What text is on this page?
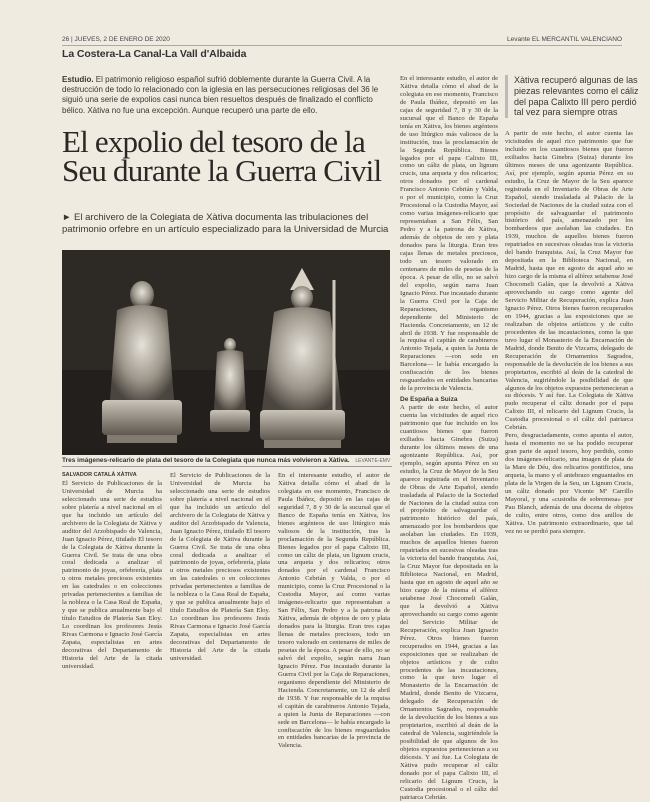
26 | JUEVES, 2 DE ENERO DE 2020	Levante EL MERCANTIL VALENCIANO
La Costera-La Canal-La Vall d'Albaida
Estudio. El patrimonio religioso español sufrió doblemente durante la Guerra Civil. A la destrucción de todo lo relacionado con la iglesia en las persecuciones religiosas del 36 le siguió una serie de expolios casi nunca bien resueltos después de finalizado el conflicto bélico. Xàtiva no fue una excepción. Aunque recuperó una parte de ello.
El expolio del tesoro de la Seu durante la Guerra Civil
► El archivero de la Colegiata de Xàtiva documenta las tribulaciones del patrimonio orfebre en un artículo especializado para la Universidad de Murcia
Tres imágenes-relicario de plata del tesoro de la Colegiata que nunca más volvieron a Xàtiva. LEVANTE-EMV
SALVADOR CATALÀ XÀTIVA
El Servicio de Publicaciones de la Universidad de Murcia ha seleccionado una serie de estudios sobre platería a nivel nacional en el que ha incluido un artículo del archivero de la Colegiata de Xàtiva y auditor del Arzobispado de Valencia, Juan Ignacio Pérez, titulado El tesoro de la Colegiata de Xàtiva durante la Guerra Civil. Se trata de una obra coral dedicada a analizar el patrimonio de joyas, orfebrería, plata u otros metales preciosos existentes en las catedrales o en colecciones privadas pertenecientes a familias de la nobleza o la Casa Real de España, y que se publica anualmente bajo el título Estudios de Platería San Eloy. Lo coordinan los profesores Jesús Rivas Carmona e Ignacio José García Zapata, especialistas en artes decorativas del Departamento de Historia del Arte de la citada universidad.
El Servicio de Publicaciones de la Universidad de Murcia ha seleccionado una serie de estudios sobre platería a nivel nacional en el que ha incluido un artículo del archivero de la Colegiata de Xàtiva y auditor del Arzobispado de Valencia, Juan Ignacio Pérez, titulado El tesoro de la Colegiata de Xàtiva durante la Guerra Civil. Se trata de una obra coral dedicada a analizar el patrimonio de joyas, orfebrería, plata u otros metales preciosos existentes en las catedrales o en colecciones privadas pertenecientes a familias de la nobleza o la Casa Real de España, y que se publica anualmente bajo el título Estudios de Platería San Eloy. Lo coordinan los profesores Jesús Rivas Carmona e Ignacio José García Zapata, especialistas en artes decorativas del Departamento de Historia del Arte de la citada universidad.
En el interesante estudio, el autor de Xàtiva detalla cómo el abad de la colegiata en ese momento, Francisco de Paula Ibáñez, depositó en las cajas de seguridad 7, 8 y 30 de la sucursal que el Banco de España tenía en Xàtiva, los bienes argénteos de uso litúrgico más valiosos de la institución, tras la proclamación de la Segunda República. Bienes legados por el papa Calixto III, como un cáliz de plata, un lignum crucis, una arqueta y dos relicarios; otros donados por el cardenal Francisco Antonio Cebrián y Valda, o por el municipio, como la Cruz Procesional o la Custodia Mayor, así como varias imágenes-relicario que representaban a San Félix, San Pedro y a la patrona de Xàtiva, además de objetos de oro y plata donados para la liturgia. Eran tres cajas llenas de metales preciosos, todo un tesoro valorado en centenares de miles de pesetas de la época. A pesar de ello, no se salvó del expolio, según narra Juan Ignacio Pérez. Fue incautado durante la Guerra Civil por la Caja de Reparaciones, organismo dependiente del Ministerio de Hacienda. Concretamente, un 12 de abril de 1938. Y fue responsable de la requisa el capitán de carabineros Antonio Tejada, a quien la Junta de Reparaciones —con sede en Barcelona— le había encargado la confiscación de los bienes resguardados en entidades bancarias de la provincia de Valencia.
En el interesante estudio, el autor de Xàtiva detalla cómo el abad de la colegiata en ese momento, Francisco de Paula Ibáñez, depositó en las cajas de seguridad 7, 8 y 30 de la sucursal que el Banco de España tenía en Xàtiva, los bienes argénteos de uso litúrgico más valiosos de la institución, tras la proclamación de la Segunda República. Bienes legados por el papa Calixto III, como un cáliz de plata, un lignum crucis, una arqueta y dos relicarios; otros donados por el cardenal Francisco Antonio Cebrián y Valda, o por el municipio, como la Cruz Procesional o la Custodia Mayor, así como varias imágenes-relicario que representaban a San Félix, San Pedro y a la patrona de Xàtiva, además de objetos de oro y plata donados para la liturgia. Eran tres cajas llenas de metales preciosos, todo un tesoro valorado en centenares de miles de pesetas de la época. A pesar de ello, no se salvó del expolio, según narra Juan Ignacio Pérez. Fue incautado durante la Guerra Civil por la Caja de Reparaciones, organismo dependiente del Ministerio de Hacienda. Concretamente, un 12 de abril de 1938. Y fue responsable de la requisa el capitán de carabineros Antonio Tejada, a quien la Junta de Reparaciones —con sede en Barcelona— le había encargado la confiscación de los bienes resguardados en entidades bancarias de la provincia de Valencia.
De España a Suiza
A partir de este hecho, el autor cuenta las vicisitudes de aquel rico patrimonio que fue incluido en los cuantiosos bienes que fueron exiliados hacia Ginebra (Suiza) durante los últimos meses de una agonizante República. Así, por ejemplo, según apunta Pérez en su estudio, la Cruz de Mayor de la Seu aparece registrada en el Inventario de Obras de Arte Español, siendo trasladada al Palacio de la Sociedad de Naciones de la ciudad suiza con el propósito de salvaguardar el patrimonio histórico del país, amenazado por los bombardeos que asolaban las ciudades. En 1939, muchos de aquellos bienes fueron repatriados en sucesivas oleadas tras la victoria del bando franquista. Así, la Cruz Mayor fue depositada en la Biblioteca Nacional, en Madrid, hasta que en agosto de aquel año se hizo cargo de la misma el alférez setabense José Chocomeli Galán, que la devolvió a Xàtiva aprovechando su cargo como agente del Servicio Militar de Recuperación, explica Juan Ignacio Pérez. Otros bienes fueron recuperados en 1944, gracias a las exposiciones que se realizaban de objetos artísticos y de culto procedentes de las incautaciones, como la que tuvo lugar el Monasterio de la Encarnación de Madrid, donde Benito de Vizcarra, delegado de Recuperación de Ornamentos Sagrados, responsable de la devolución de los bienes a sus propietarios, escribió al deán de la catedral de Valencia, sugiriéndole la posibilidad de que algunos de los objetos expuestos pertenecieran a su diócesis. Y así fue. La Colegiata de Xàtiva pudo recuperar el cáliz donado por el papa Calixto III, el relicario del Lignum Crucis, la Custodia procesional o el cáliz del patriarca Cebrián.
A partir de este hecho, el autor cuenta las vicisitudes de aquel rico patrimonio que fue incluido en los cuantiosos bienes que fueron exiliados hacia Ginebra (Suiza) durante los últimos meses de una agonizante República. Así, por ejemplo, según apunta Pérez en su estudio, la Cruz de Mayor de la Seu aparece registrada en el Inventario de Obras de Arte Español, siendo trasladada al Palacio de la Sociedad de Naciones de la ciudad suiza con el propósito de salvaguardar el patrimonio histórico del país, amenazado por los bombardeos que asolaban las ciudades. En 1939, muchos de aquellos bienes fueron repatriados en sucesivas oleadas tras la victoria del bando franquista. Así, la Cruz Mayor fue depositada en la Biblioteca Nacional, en Madrid, hasta que en agosto de aquel año se hizo cargo de la misma el alférez setabense José Chocomeli Galán, que la devolvió a Xàtiva aprovechando su cargo como agente del Servicio Militar de Recuperación, explica Juan Ignacio Pérez. Otros bienes fueron recuperados en 1944, gracias a las exposiciones que se realizaban de objetos artísticos y de culto procedentes de las incautaciones, como la que tuvo lugar el Monasterio de la Encarnación de Madrid, donde Benito de Vizcarra, delegado de Recuperación de Ornamentos Sagrados, responsable de la devolución de los bienes a sus propietarios, escribió al deán de la catedral de Valencia, sugiriéndole la posibilidad de que algunos de los objetos expuestos pertenecieran a su diócesis. Y así fue. La Colegiata de Xàtiva pudo recuperar el cáliz donado por el papa Calixto III, el relicario del Lignum Crucis, la Custodia procesional o el cáliz del patriarca Cebrián.
Pero, desgraciadamente, como apunta el autor, hasta el momento no se ha podido recuperar gran parte de aquel tesoro, hoy perdido, como dos imágenes-relicario, una imagen de plata de la Mare de Déu, dos relicarios pontificios, una arqueta, la mano y el antebrazo enguantados en plata de la Virgen de la Seu, un Lignum Crucis, un cáliz donado por Vicente Mª Carrillo Mayoral, y una «custodia de sobremesa» por Pau Blanch, además de una docena de objetos de culto, entre otros, como dos anillos de Xàtiva. Un patrimonio extraordinario, que tal vez no se perdió para siempre.
Xàtiva recuperó algunas de las piezas relevantes como el cáliz del papa Calixto III pero perdió tal vez para siempre otras
